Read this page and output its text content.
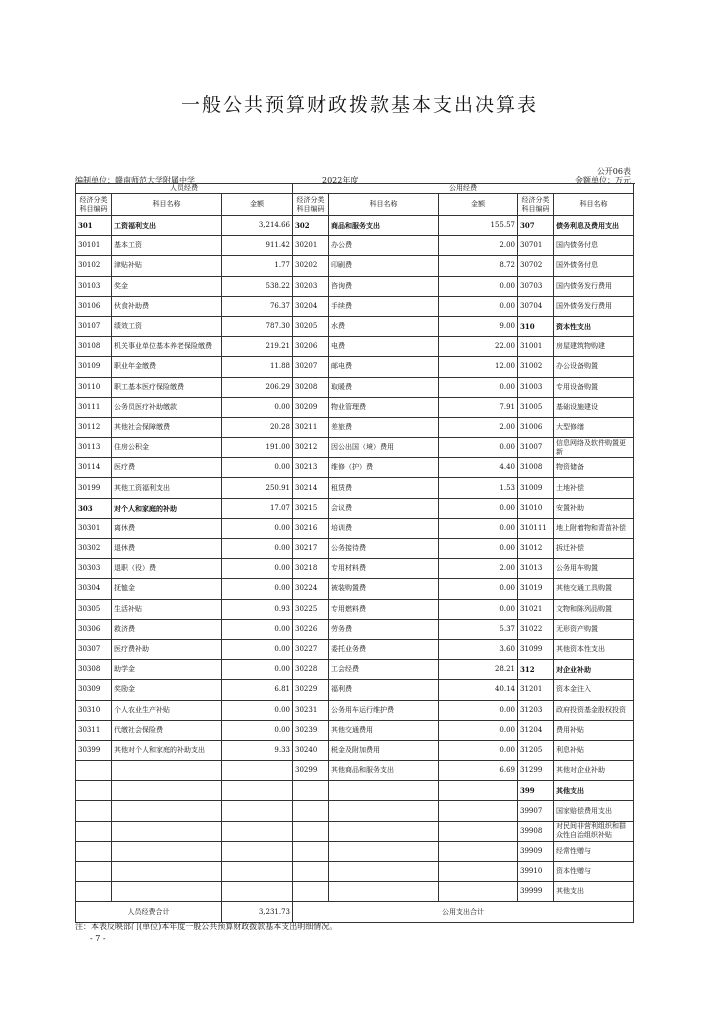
一般公共预算财政拨款基本支出决算表
公开06表
编制单位：赣南师范大学附属中学	2022年度	金额单位：万元
人员经费			公用经费					
经济分类科目编码	科目名称	金额	经济分类科目编码	科目名称	金额	经济分类科目编码	科目名称	
301	工资福利支出	3,214.66	302	商品和服务支出	155.57	307	债务利息及费用支出	
30101	基本工资	911.42	30201	办公费	2.00	30701	国内债务付息	
30102	津贴补贴	1.77	30202	印刷费	8.72	30702	国外债务付息	
30103	奖金	538.22	30203	咨询费	0.00	30703	国内债务发行费用	
30106	伙食补助费	76.37	30204	手续费	0.00	30704	国外债务发行费用	
30107	绩效工资	787.30	30205	水费	9.00	310	资本性支出	
30108	机关事业单位基本养老保险缴费	219.21	30206	电费	22.00	31001	房屋建筑物购建	
30109	职业年金缴费	11.88	30207	邮电费	12.00	31002	办公设备购置	
30110	职工基本医疗保险缴费	206.29	30208	取暖费	0.00	31003	专用设备购置	
30111	公务员医疗补助缴款	0.00	30209	物业管理费	7.91	31005	基础设施建设	
30112	其他社会保障缴费	20.28	30211	差旅费	2.00	31006	大型修缮	
30113	住房公积金	191.00	30212	因公出国（境）费用	0.00	31007	信息网络及软件购置更新	
30114	医疗费	0.00	30213	维修（护）费	4.40	31008	物资储备	
30199	其他工资福利支出	250.91	30214	租赁费	1.53	31009	土地补偿	
303	对个人和家庭的补助	17.07	30215	会议费	0.00	31010	安置补助	
30301	离休费	0.00	30216	培训费	0.00	310111	地上附着物和青苗补偿	
30302	退休费	0.00	30217	公务接待费	0.00	31012	拆迁补偿	
30303	退职（役）费	0.00	30218	专用材料费	2.00	31013	公务用车购置	
30304	抚恤金	0.00	30224	被装购置费	0.00	31019	其他交通工具购置	
30305	生活补贴	0.93	30225	专用燃料费	0.00	31021	文物和陈列品购置	
30306	救济费	0.00	30226	劳务费	5.37	31022	无形资产购置	
30307	医疗费补助	0.00	30227	委托业务费	3.60	31099	其他资本性支出	
30308	助学金	0.00	30228	工会经费	28.21	312	对企业补助	
30309	奖励金	6.81	30229	福利费	40.14	31201	资本金注入	
30310	个人农业生产补贴	0.00	30231	公务用车运行维护费	0.00	31203	政府投资基金股权投资	
30311	代缴社会保险费	0.00	30239	其他交通费用	0.00	31204	费用补贴	
30399	其他对个人和家庭的补助支出	9.33	30240	税金及附加费用	0.00	31205	利息补贴	
			30299	其他商品和服务支出	6.69	31299	其他对企业补助	
						399	其他支出	
						39907	国家赔偿费用支出	
						39908	对民间非营利组织和群众性自治组织补贴	
						39909	经常性赠与	
						39910	资本性赠与	
						39999	其他支出	
人员经费合计		3,231.73	公用支出合计	
注：本表反映部门(单位)本年度一般公共预算财政拨款基本支出明细情况。
- 7 -
